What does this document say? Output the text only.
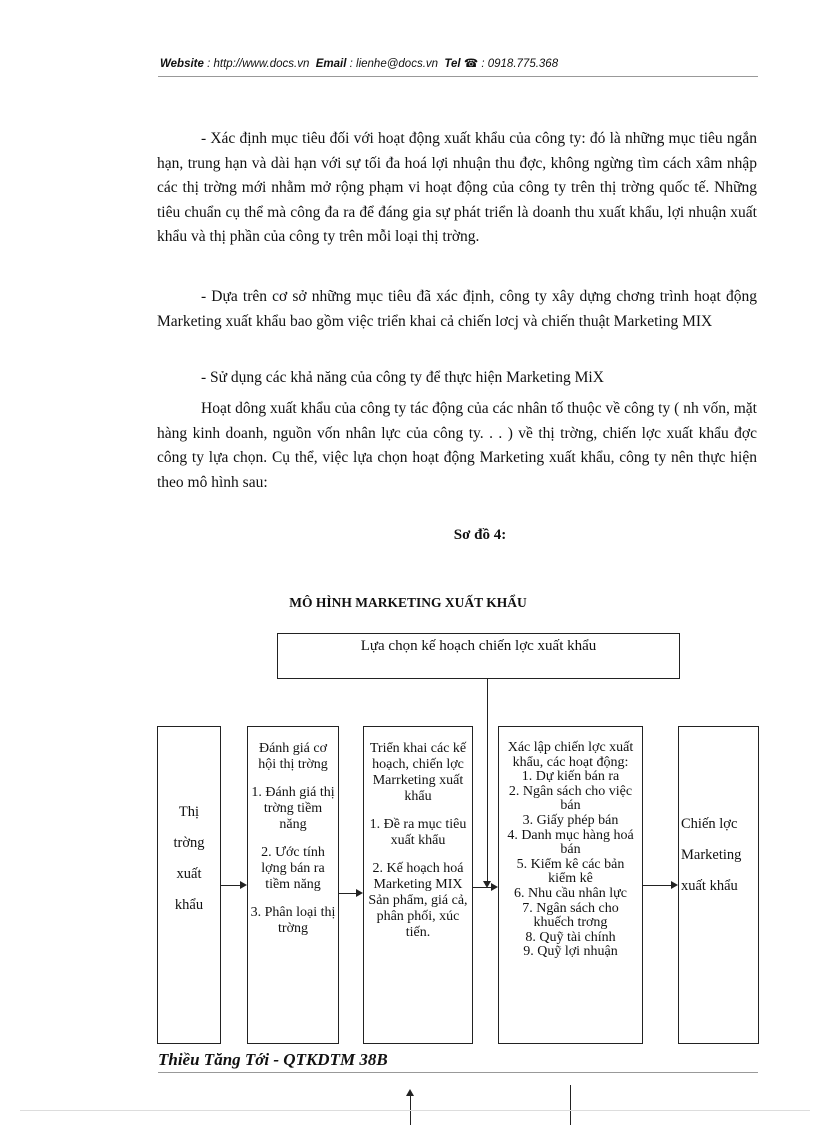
Website : http://www.docs.vn Email : lienhe@docs.vn Tel ☎ : 0918.775.368

- Xác định mục tiêu đối với hoạt động xuất khẩu của công ty: đó là những mục tiêu ngắn hạn, trung hạn và dài hạn với sự tối đa hoá lợi nhuận thu đợc, không ngừng tìm cách xâm nhập các thị trờng mới nhằm mở rộng phạm vi hoạt động của công ty trên thị trờng quốc tế. Những tiêu chuẩn cụ thể mà công đa ra để đáng gia sự phát triển là doanh thu xuất khẩu, lợi nhuận xuất khẩu và thị phần của công ty trên mỗi loại thị trờng.

- Dựa trên cơ sở những mục tiêu đã xác định, công ty xây dựng chơng trình hoạt động Marketing xuất khẩu bao gồm việc triển khai cả chiến lơcj và chiến thuật Marketing MIX

- Sử dụng các khả năng của công ty để thực hiện Marketing MiX

Hoạt dông xuất khẩu của công ty tác động của các nhân tố thuộc về công ty ( nh vốn, mặt hàng kinh doanh, nguồn vốn nhân lực của công ty. . . ) về thị trờng, chiến lợc xuất khẩu đợc công ty lựa chọn. Cụ thể, việc lựa chọn hoạt động Marketing xuất khẩu, công ty nên thực hiện theo mô hình sau:

Sơ đồ 4:
MÔ HÌNH MARKETING XUẤT KHẨU
Lựa chọn kế hoạch chiến lợc xuất khẩu
Thị
trờng
xuất
khẩu
Đánh giá cơ hội thị trờng
1. Đánh giá thị trờng tiềm năng
2. Ước tính lợng bán ra tiềm năng
3. Phân loại thị trờng
Triển khai các kế hoạch, chiến lợc Marrketing xuất khẩu
1. Đề ra mục tiêu xuất khẩu
2. Kế hoạch hoá Marketing MIX
Sản phẩm, giá cả, phân phối, xúc tiến.
Xác lập chiến lợc xuất khẩu, các hoạt động:
1. Dự kiến bán ra
2. Ngân sách cho việc bán
3. Giấy phép bán
4. Danh mục hàng hoá bán
5. Kiểm kê các bản kiểm kê
6. Nhu cầu nhân lực
7. Ngân sách cho khuếch trơng
8. Quỹ tài chính
9. Quỹ lợi nhuận
Chiến lợc
Marketing
xuất khẩu
Thiều Tăng Tới - QTKDTM 38B
